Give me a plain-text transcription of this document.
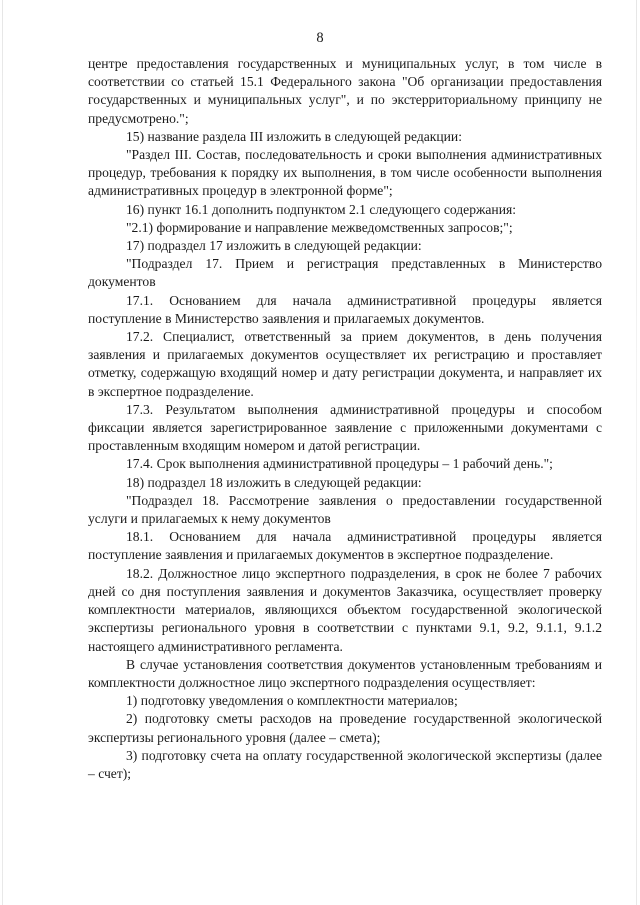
8

центре предоставления государственных и муниципальных услуг, в том числе в соответствии со статьей 15.1 Федерального закона "Об организации предоставления государственных и муниципальных услуг", и по экстерриториальному принципу не предусмотрено.";

15) название раздела III изложить в следующей редакции:

"Раздел III. Состав, последовательность и сроки выполнения административных процедур, требования к порядку их выполнения, в том числе особенности выполнения административных процедур в электронной форме";

16) пункт 16.1 дополнить подпунктом 2.1 следующего содержания:

"2.1) формирование и направление межведомственных запросов;";

17) подраздел 17 изложить в следующей редакции:

"Подраздел 17. Прием и регистрация представленных в Министерство документов

17.1. Основанием для начала административной процедуры является поступление в Министерство заявления и прилагаемых документов.

17.2. Специалист, ответственный за прием документов, в день получения заявления и прилагаемых документов осуществляет их регистрацию и проставляет отметку, содержащую входящий номер и дату регистрации документа, и направляет их в экспертное подразделение.

17.3. Результатом выполнения административной процедуры и способом фиксации является зарегистрированное заявление с приложенными документами с проставленным входящим номером и датой регистрации.

17.4. Срок выполнения административной процедуры – 1 рабочий день.";

18) подраздел 18 изложить в следующей редакции:

"Подраздел 18. Рассмотрение заявления о предоставлении государственной услуги и прилагаемых к нему документов

18.1. Основанием для начала административной процедуры является поступление заявления и прилагаемых документов в экспертное подразделение.

18.2. Должностное лицо экспертного подразделения, в срок не более 7 рабочих дней со дня поступления заявления и документов Заказчика, осуществляет проверку комплектности материалов, являющихся объектом государственной экологической экспертизы регионального уровня в соответствии с пунктами 9.1, 9.2, 9.1.1, 9.1.2 настоящего административного регламента.

В случае установления соответствия документов установленным требованиям и комплектности должностное лицо экспертного подразделения осуществляет:

1) подготовку уведомления о комплектности материалов;

2) подготовку сметы расходов на проведение государственной экологической экспертизы регионального уровня (далее – смета);

3) подготовку счета на оплату государственной экологической экспертизы (далее – счет);
